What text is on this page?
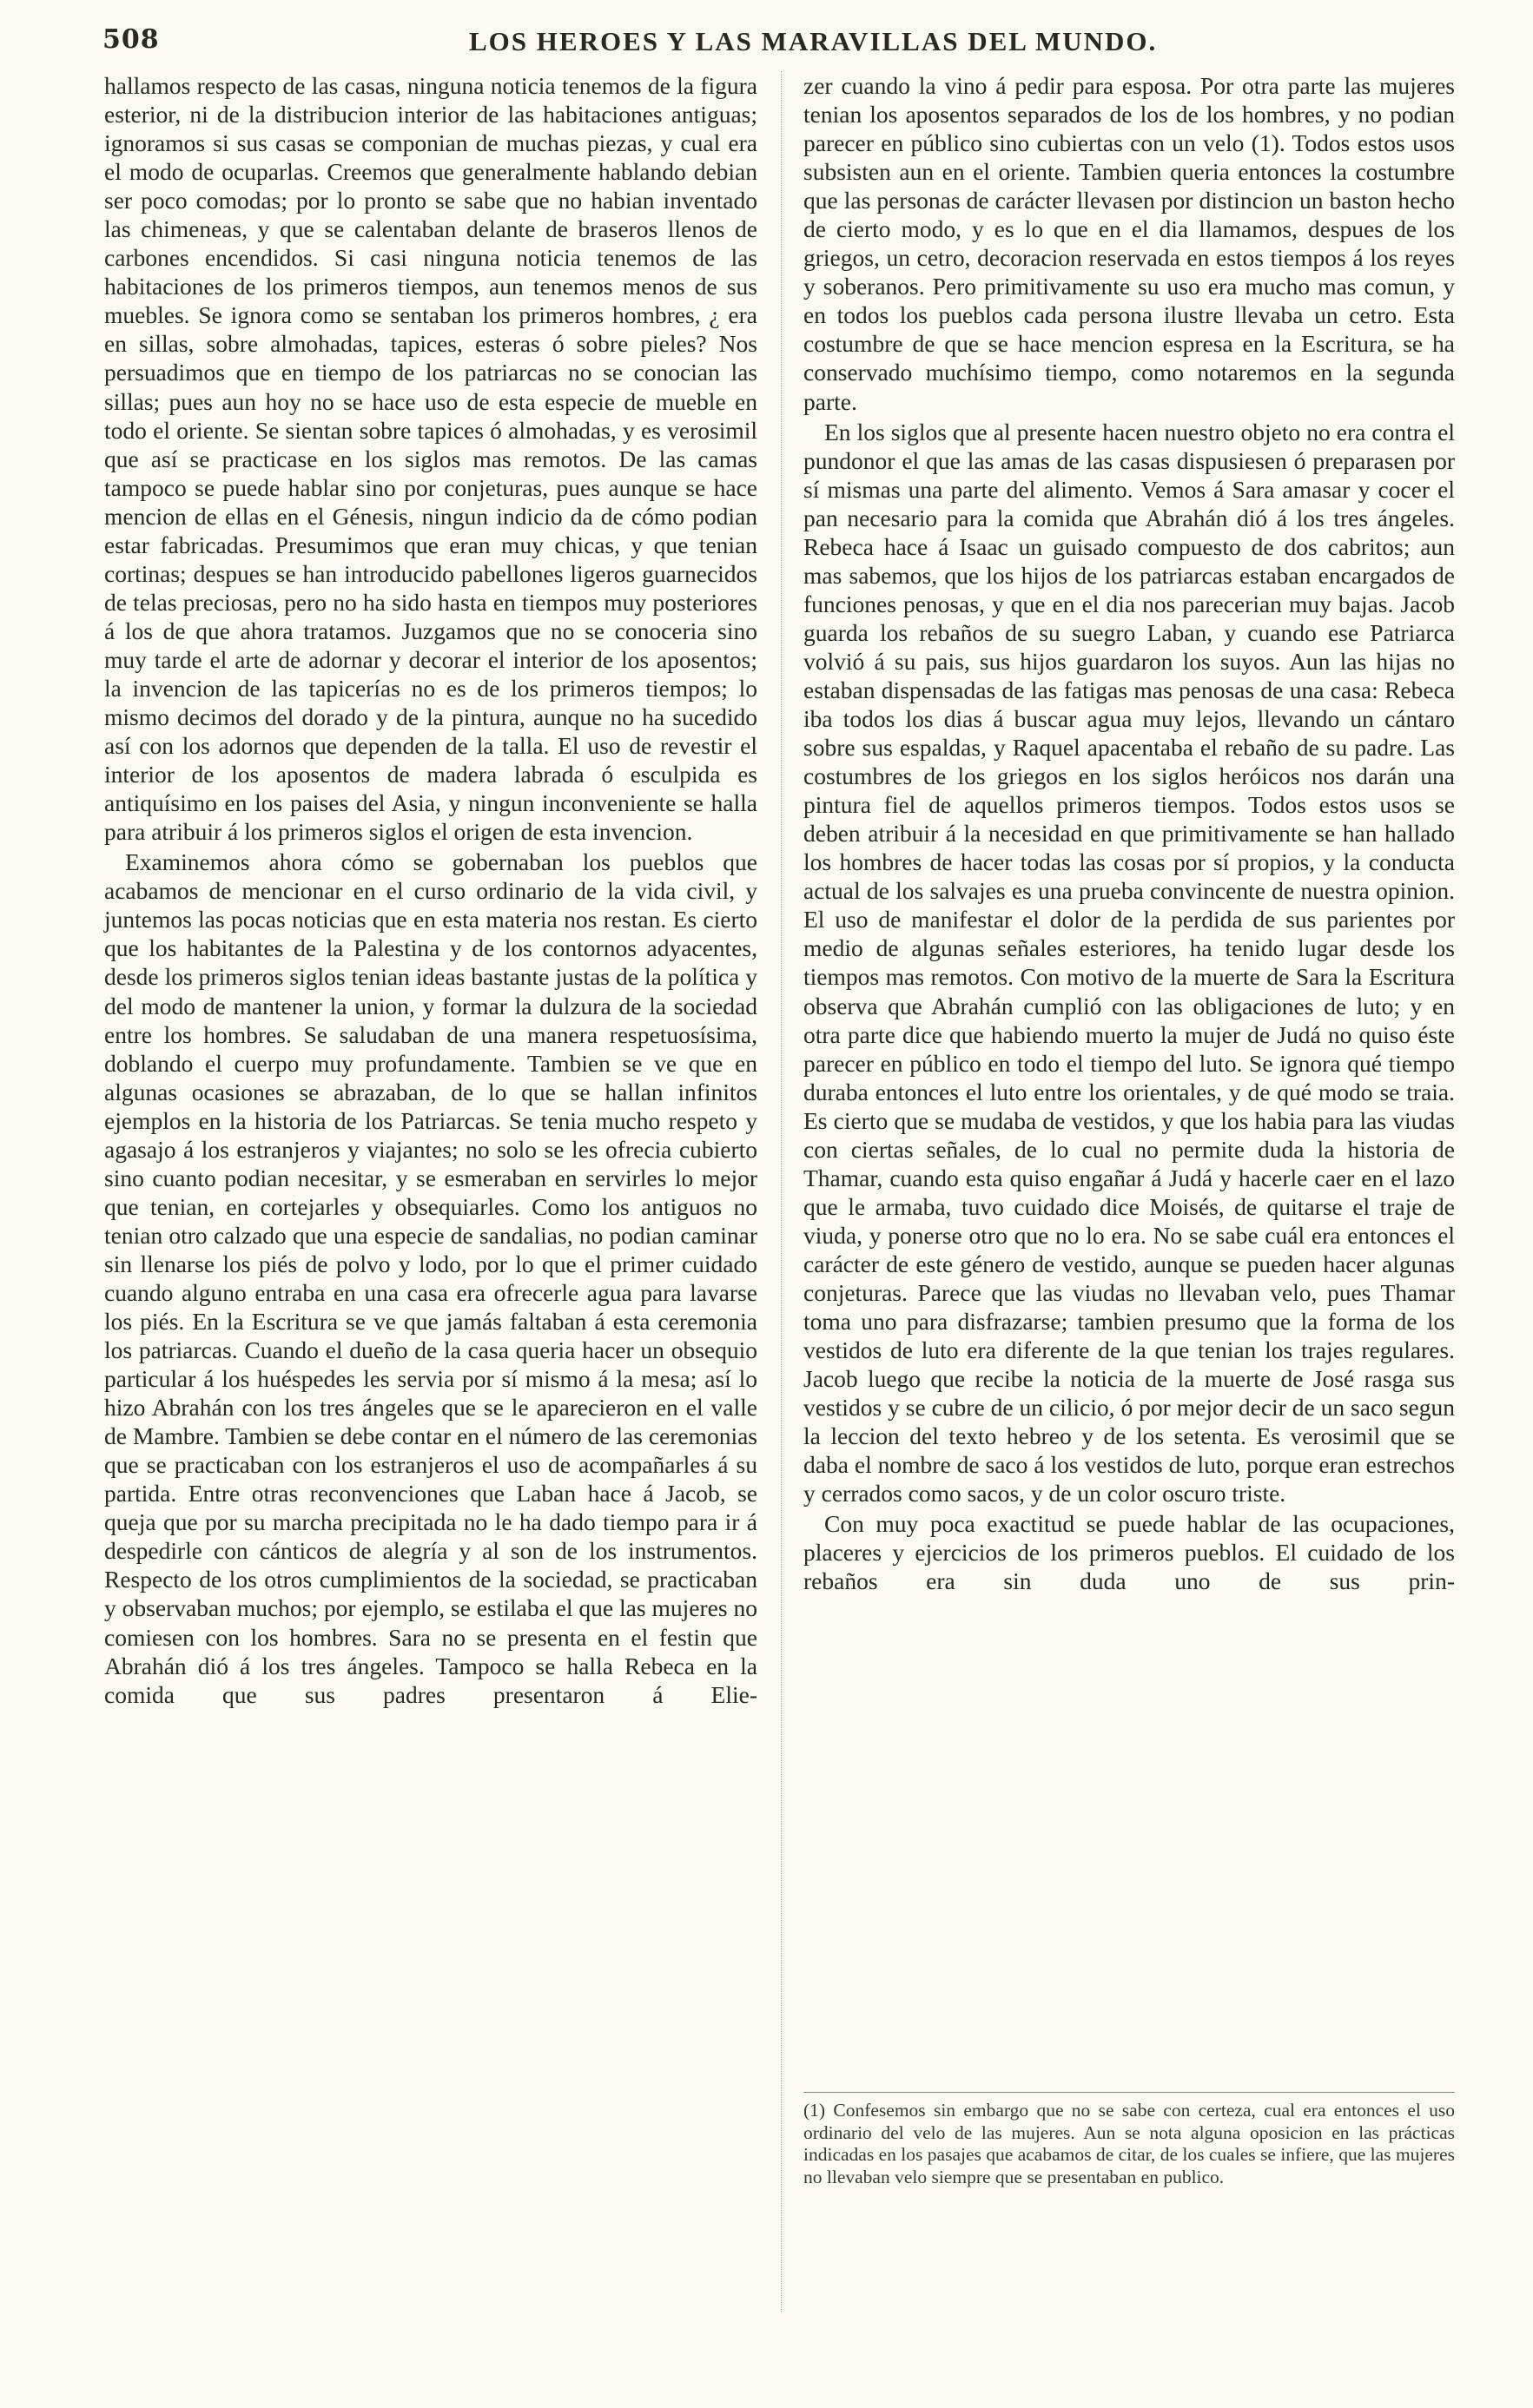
508	LOS HEROES Y LAS MARAVILLAS DEL MUNDO.

hallamos respecto de las casas, ninguna noticia tenemos de la figura esterior, ni de la distribucion interior de las habitaciones antiguas; ignoramos si sus casas se componian de muchas piezas, y cual era el modo de ocuparlas. Creemos que generalmente hablando debian ser poco comodas; por lo pronto se sabe que no habian inventado las chimeneas, y que se calentaban delante de braseros llenos de carbones encendidos. Si casi ninguna noticia tenemos de las habitaciones de los primeros tiempos, aun tenemos menos de sus muebles. Se ignora como se sentaban los primeros hombres, ¿ era en sillas, sobre almohadas, tapices, esteras ó sobre pieles? Nos persuadimos que en tiempo de los patriarcas no se conocian las sillas; pues aun hoy no se hace uso de esta especie de mueble en todo el oriente. Se sientan sobre tapices ó almohadas, y es verosimil que así se practicase en los siglos mas remotos. De las camas tampoco se puede hablar sino por conjeturas, pues aunque se hace mencion de ellas en el Génesis, ningun indicio da de cómo podian estar fabricadas. Presumimos que eran muy chicas, y que tenian cortinas; despues se han introducido pabellones ligeros guarnecidos de telas preciosas, pero no ha sido hasta en tiempos muy posteriores á los de que ahora tratamos. Juzgamos que no se conoceria sino muy tarde el arte de adornar y decorar el interior de los aposentos; la invencion de las tapicerías no es de los primeros tiempos; lo mismo decimos del dorado y de la pintura, aunque no ha sucedido así con los adornos que dependen de la talla. El uso de revestir el interior de los aposentos de madera labrada ó esculpida es antiquísimo en los paises del Asia, y ningun inconveniente se halla para atribuir á los primeros siglos el origen de esta invencion.

Examinemos ahora cómo se gobernaban los pueblos que acabamos de mencionar en el curso ordinario de la vida civil, y juntemos las pocas noticias que en esta materia nos restan. Es cierto que los habitantes de la Palestina y de los contornos adyacentes, desde los primeros siglos tenian ideas bastante justas de la política y del modo de mantener la union, y formar la dulzura de la sociedad entre los hombres. Se saludaban de una manera respetuosísima, doblando el cuerpo muy profundamente. Tambien se ve que en algunas ocasiones se abrazaban, de lo que se hallan infinitos ejemplos en la historia de los Patriarcas. Se tenia mucho respeto y agasajo á los estranjeros y viajantes; no solo se les ofrecia cubierto sino cuanto podian necesitar, y se esmeraban en servirles lo mejor que tenian, en cortejarles y obsequiarles. Como los antiguos no tenian otro calzado que una especie de sandalias, no podian caminar sin llenarse los piés de polvo y lodo, por lo que el primer cuidado cuando alguno entraba en una casa era ofrecerle agua para lavarse los piés. En la Escritura se ve que jamás faltaban á esta ceremonia los patriarcas. Cuando el dueño de la casa queria hacer un obsequio particular á los huéspedes les servia por sí mismo á la mesa; así lo hizo Abrahán con los tres ángeles que se le aparecieron en el valle de Mambre. Tambien se debe contar en el número de las ceremonias que se practicaban con los estranjeros el uso de acompañarles á su partida. Entre otras reconvenciones que Laban hace á Jacob, se queja que por su marcha precipitada no le ha dado tiempo para ir á despedirle con cánticos de alegría y al son de los instrumentos. Respecto de los otros cumplimientos de la sociedad, se practicaban y observaban muchos; por ejemplo, se estilaba el que las mujeres no comiesen con los hombres. Sara no se presenta en el festin que Abrahán dió á los tres ángeles. Tampoco se halla Rebeca en la comida que sus padres presentaron á Elie-

zer cuando la vino á pedir para esposa. Por otra parte las mujeres tenian los aposentos separados de los de los hombres, y no podian parecer en público sino cubiertas con un velo (1). Todos estos usos subsisten aun en el oriente. Tambien queria entonces la costumbre que las personas de carácter llevasen por distincion un baston hecho de cierto modo, y es lo que en el dia llamamos, despues de los griegos, un cetro, decoracion reservada en estos tiempos á los reyes y soberanos. Pero primitivamente su uso era mucho mas comun, y en todos los pueblos cada persona ilustre llevaba un cetro. Esta costumbre de que se hace mencion espresa en la Escritura, se ha conservado muchísimo tiempo, como notaremos en la segunda parte.

En los siglos que al presente hacen nuestro objeto no era contra el pundonor el que las amas de las casas dispusiesen ó preparasen por sí mismas una parte del alimento. Vemos á Sara amasar y cocer el pan necesario para la comida que Abrahán dió á los tres ángeles. Rebeca hace á Isaac un guisado compuesto de dos cabritos; aun mas sabemos, que los hijos de los patriarcas estaban encargados de funciones penosas, y que en el dia nos parecerian muy bajas. Jacob guarda los rebaños de su suegro Laban, y cuando ese Patriarca volvió á su pais, sus hijos guardaron los suyos. Aun las hijas no estaban dispensadas de las fatigas mas penosas de una casa: Rebeca iba todos los dias á buscar agua muy lejos, llevando un cántaro sobre sus espaldas, y Raquel apacentaba el rebaño de su padre. Las costumbres de los griegos en los siglos heróicos nos darán una pintura fiel de aquellos primeros tiempos. Todos estos usos se deben atribuir á la necesidad en que primitivamente se han hallado los hombres de hacer todas las cosas por sí propios, y la conducta actual de los salvajes es una prueba convincente de nuestra opinion. El uso de manifestar el dolor de la perdida de sus parientes por medio de algunas señales esteriores, ha tenido lugar desde los tiempos mas remotos. Con motivo de la muerte de Sara la Escritura observa que Abrahán cumplió con las obligaciones de luto; y en otra parte dice que habiendo muerto la mujer de Judá no quiso éste parecer en público en todo el tiempo del luto. Se ignora qué tiempo duraba entonces el luto entre los orientales, y de qué modo se traia. Es cierto que se mudaba de vestidos, y que los habia para las viudas con ciertas señales, de lo cual no permite duda la historia de Thamar, cuando esta quiso engañar á Judá y hacerle caer en el lazo que le armaba, tuvo cuidado dice Moisés, de quitarse el traje de viuda, y ponerse otro que no lo era. No se sabe cuál era entonces el carácter de este género de vestido, aunque se pueden hacer algunas conjeturas. Parece que las viudas no llevaban velo, pues Thamar toma uno para disfrazarse; tambien presumo que la forma de los vestidos de luto era diferente de la que tenian los trajes regulares. Jacob luego que recibe la noticia de la muerte de José rasga sus vestidos y se cubre de un cilicio, ó por mejor decir de un saco segun la leccion del texto hebreo y de los setenta. Es verosimil que se daba el nombre de saco á los vestidos de luto, porque eran estrechos y cerrados como sacos, y de un color oscuro triste.

Con muy poca exactitud se puede hablar de las ocupaciones, placeres y ejercicios de los primeros pueblos. El cuidado de los rebaños era sin duda uno de sus prin-

(1) Confesemos sin embargo que no se sabe con certeza, cual era entonces el uso ordinario del velo de las mujeres. Aun se nota alguna oposicion en las prácticas indicadas en los pasajes que acabamos de citar, de los cuales se infiere, que las mujeres no llevaban velo siempre que se presentaban en publico.
